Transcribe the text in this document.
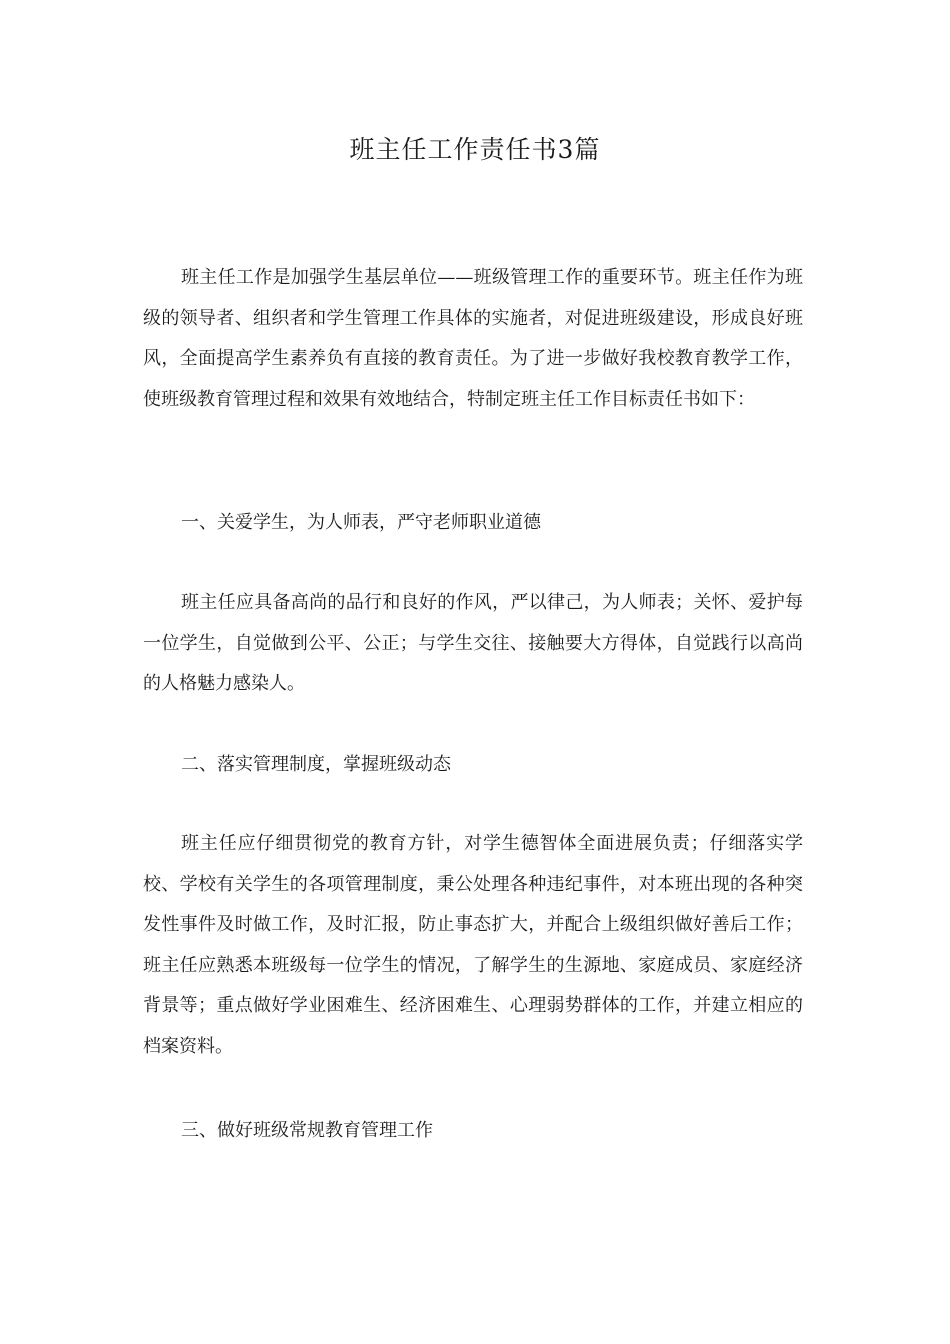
班主任工作责任书3篇

班主任工作是加强学生基层单位——班级管理工作的重要环节。班主任作为班级的领导者、组织者和学生管理工作具体的实施者，对促进班级建设，形成良好班风，全面提高学生素养负有直接的教育责任。为了进一步做好我校教育教学工作，使班级教育管理过程和效果有效地结合，特制定班主任工作目标责任书如下：

一、关爱学生，为人师表，严守老师职业道德

班主任应具备高尚的品行和良好的作风，严以律己，为人师表；关怀、爱护每一位学生，自觉做到公平、公正；与学生交往、接触要大方得体，自觉践行以高尚的人格魅力感染人。

二、落实管理制度，掌握班级动态

班主任应仔细贯彻党的教育方针，对学生德智体全面进展负责；仔细落实学校、学校有关学生的各项管理制度，秉公处理各种违纪事件，对本班出现的各种突发性事件及时做工作，及时汇报，防止事态扩大，并配合上级组织做好善后工作；班主任应熟悉本班级每一位学生的情况，了解学生的生源地、家庭成员、家庭经济背景等；重点做好学业困难生、经济困难生、心理弱势群体的工作，并建立相应的档案资料。

三、做好班级常规教育管理工作
